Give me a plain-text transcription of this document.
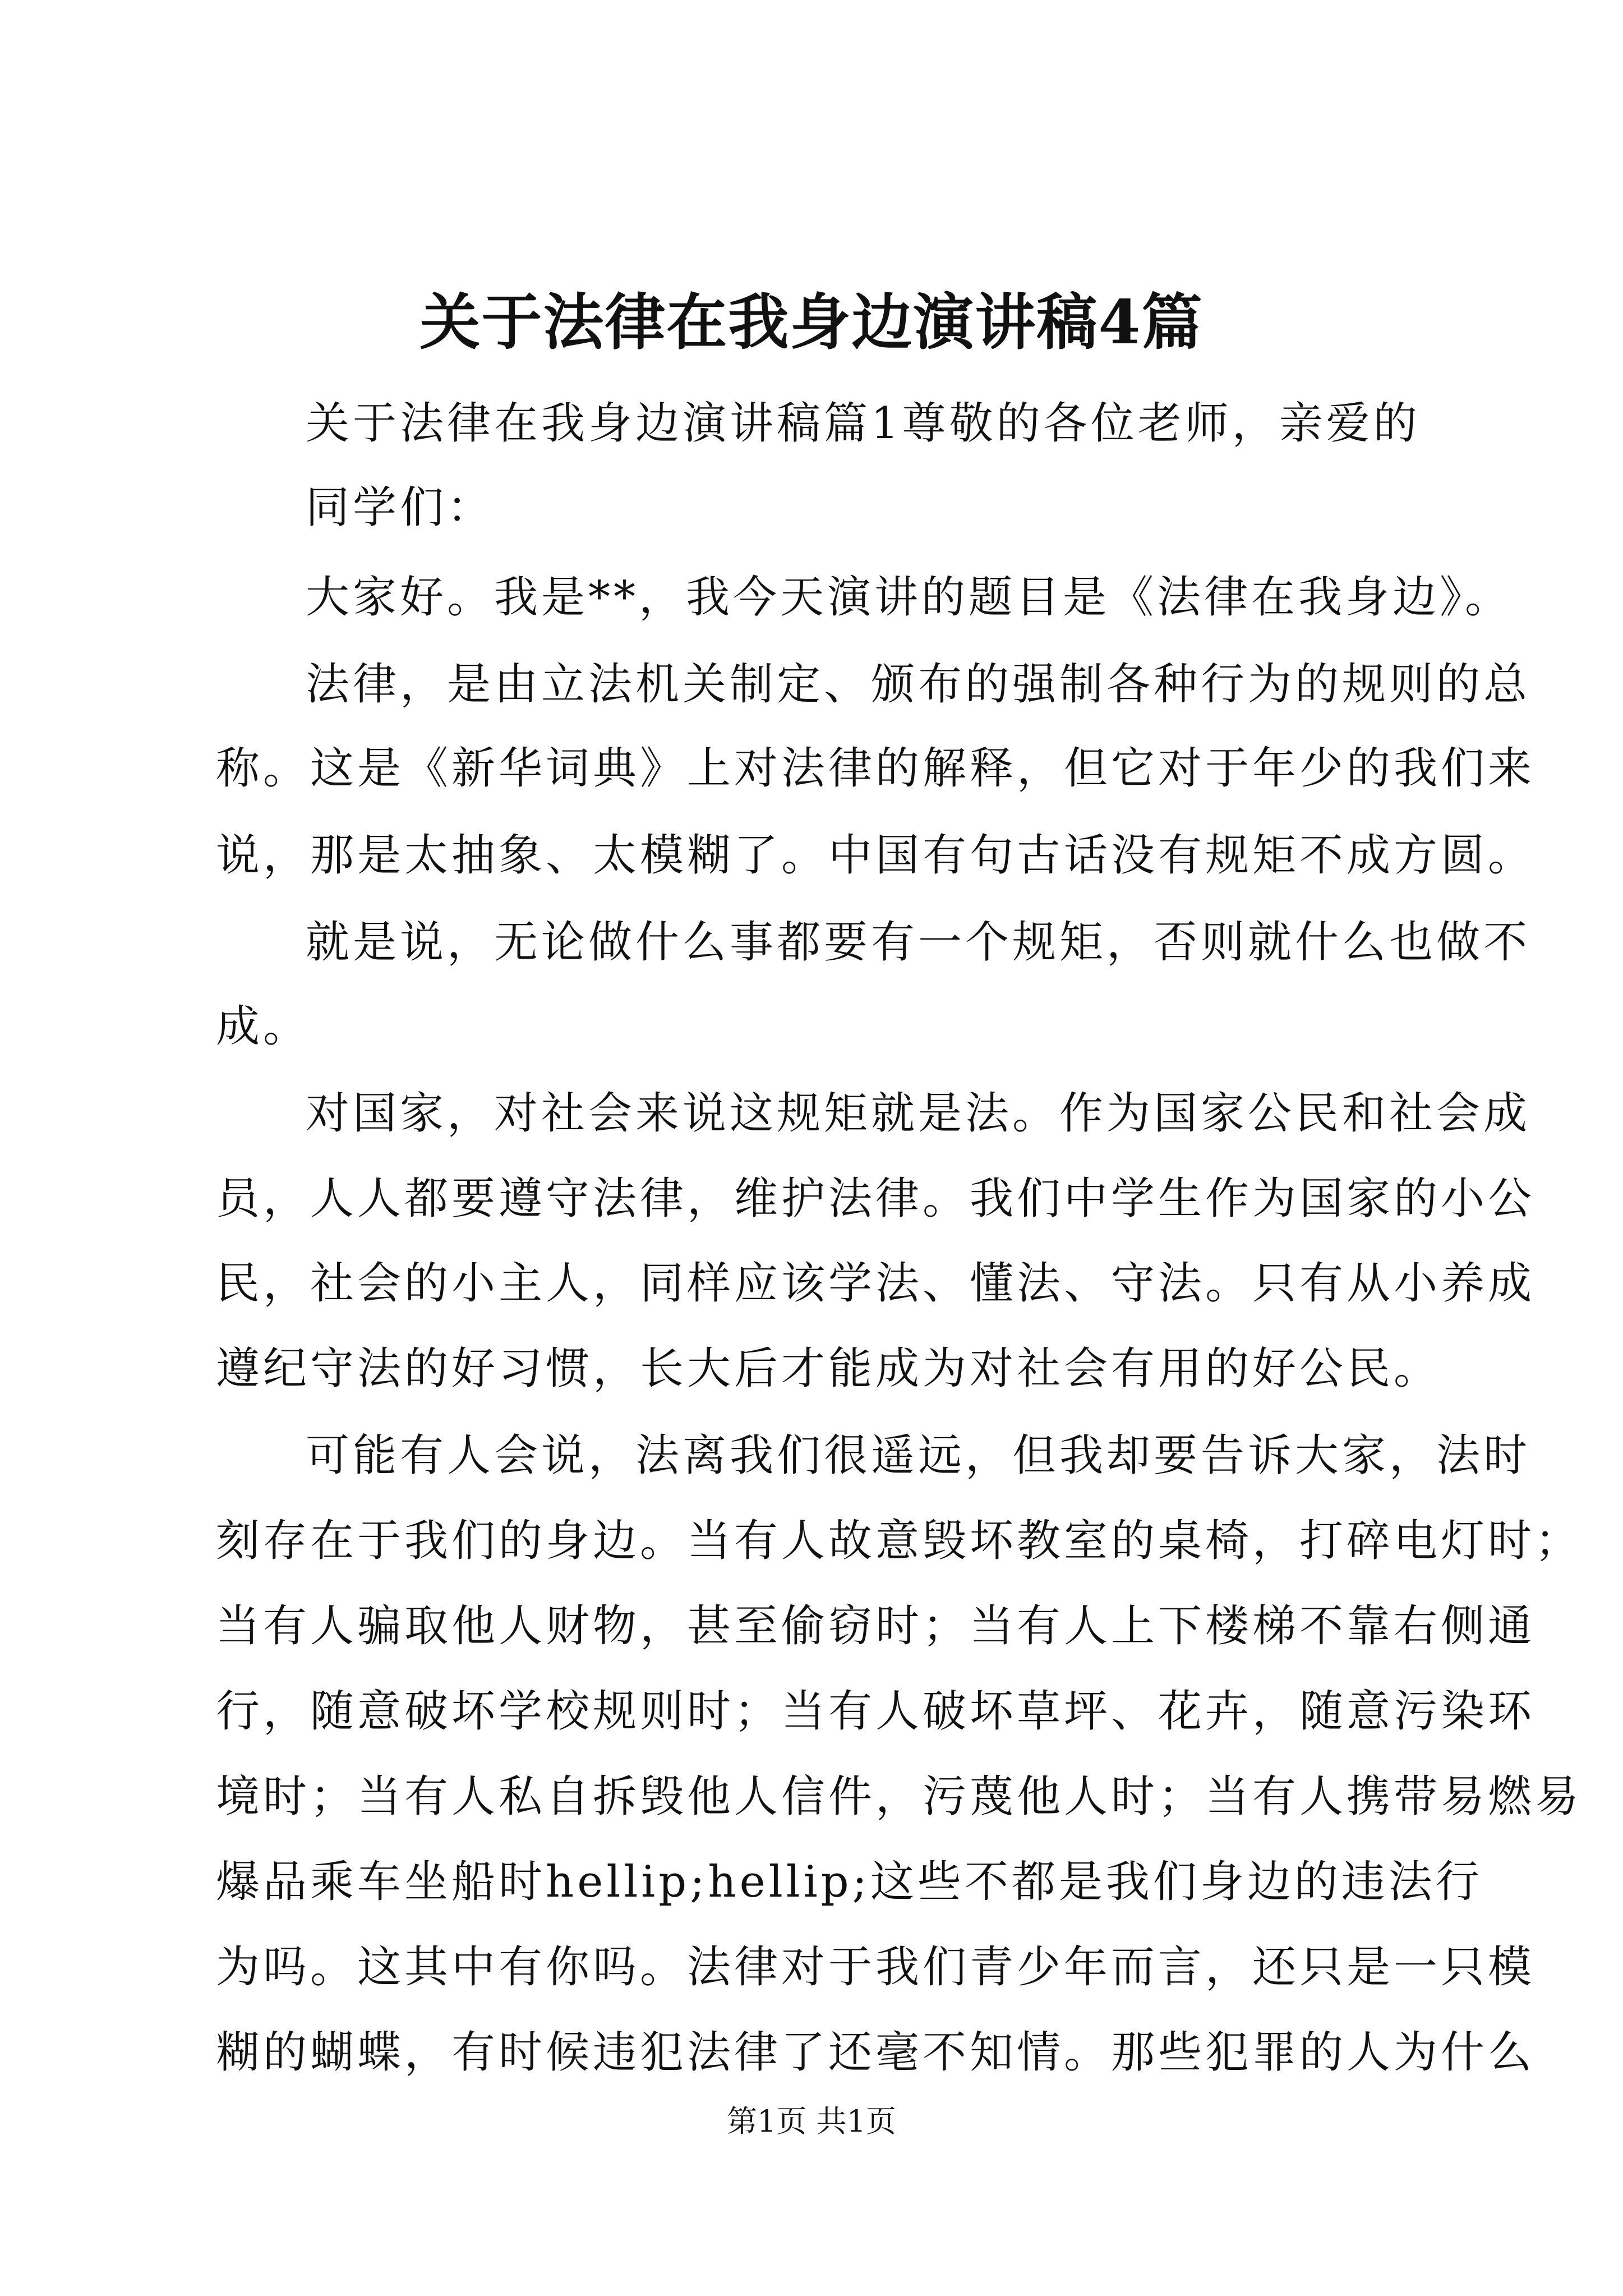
关于法律在我身边演讲稿4篇
关于法律在我身边演讲稿篇1尊敬的各位老师，亲爱的
同学们：
大家好。我是**，我今天演讲的题目是《法律在我身边》。
法律，是由立法机关制定、颁布的强制各种行为的规则的总
称。这是《新华词典》上对法律的解释，但它对于年少的我们来
说，那是太抽象、太模糊了。中国有句古话没有规矩不成方圆。
就是说，无论做什么事都要有一个规矩，否则就什么也做不
成。
对国家，对社会来说这规矩就是法。作为国家公民和社会成
员，人人都要遵守法律，维护法律。我们中学生作为国家的小公
民，社会的小主人，同样应该学法、懂法、守法。只有从小养成
遵纪守法的好习惯，长大后才能成为对社会有用的好公民。
可能有人会说，法离我们很遥远，但我却要告诉大家，法时
刻存在于我们的身边。当有人故意毁坏教室的桌椅，打碎电灯时；
当有人骗取他人财物，甚至偷窃时；当有人上下楼梯不靠右侧通
行，随意破坏学校规则时；当有人破坏草坪、花卉，随意污染环
境时；当有人私自拆毁他人信件，污蔑他人时；当有人携带易燃易
爆品乘车坐船时hellip;hellip;这些不都是我们身边的违法行
为吗。这其中有你吗。法律对于我们青少年而言，还只是一只模
糊的蝴蝶，有时候违犯法律了还毫不知情。那些犯罪的人为什么
第1页 共1页
